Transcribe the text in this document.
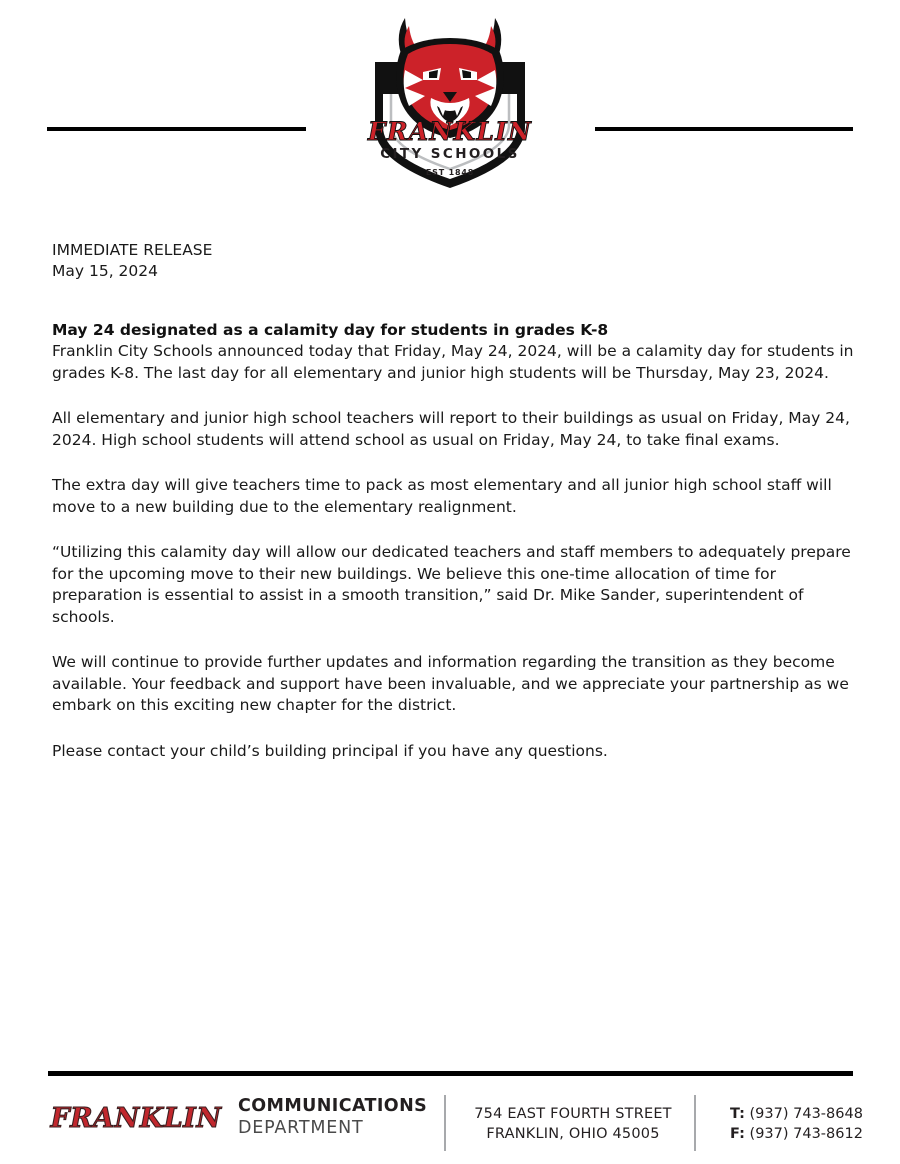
FRANKLIN
CITY SCHOOLS
EST 1848
IMMEDIATE RELEASE
May 15, 2024
May 24 designated as a calamity day for students in grades K-8

Franklin City Schools announced today that Friday, May 24, 2024, will be a calamity day for students in grades K-8. The last day for all elementary and junior high students will be Thursday, May 23, 2024.

All elementary and junior high school teachers will report to their buildings as usual on Friday, May 24, 2024. High school students will attend school as usual on Friday, May 24, to take final exams.

The extra day will give teachers time to pack as most elementary and all junior high school staff will move to a new building due to the elementary realignment.

“Utilizing this calamity day will allow our dedicated teachers and staff members to adequately prepare for the upcoming move to their new buildings. We believe this one-time allocation of time for preparation is essential to assist in a smooth transition,” said Dr. Mike Sander, superintendent of schools.

We will continue to provide further updates and information regarding the transition as they become available. Your feedback and support have been invaluable, and we appreciate your partnership as we embark on this exciting new chapter for the district.

Please contact your child’s building principal if you have any questions.

FRANKLIN COMMUNICATIONS
DEPARTMENT
754 EAST FOURTH STREET
FRANKLIN, OHIO 45005
T: (937) 743-8648
F: (937) 743-8612
